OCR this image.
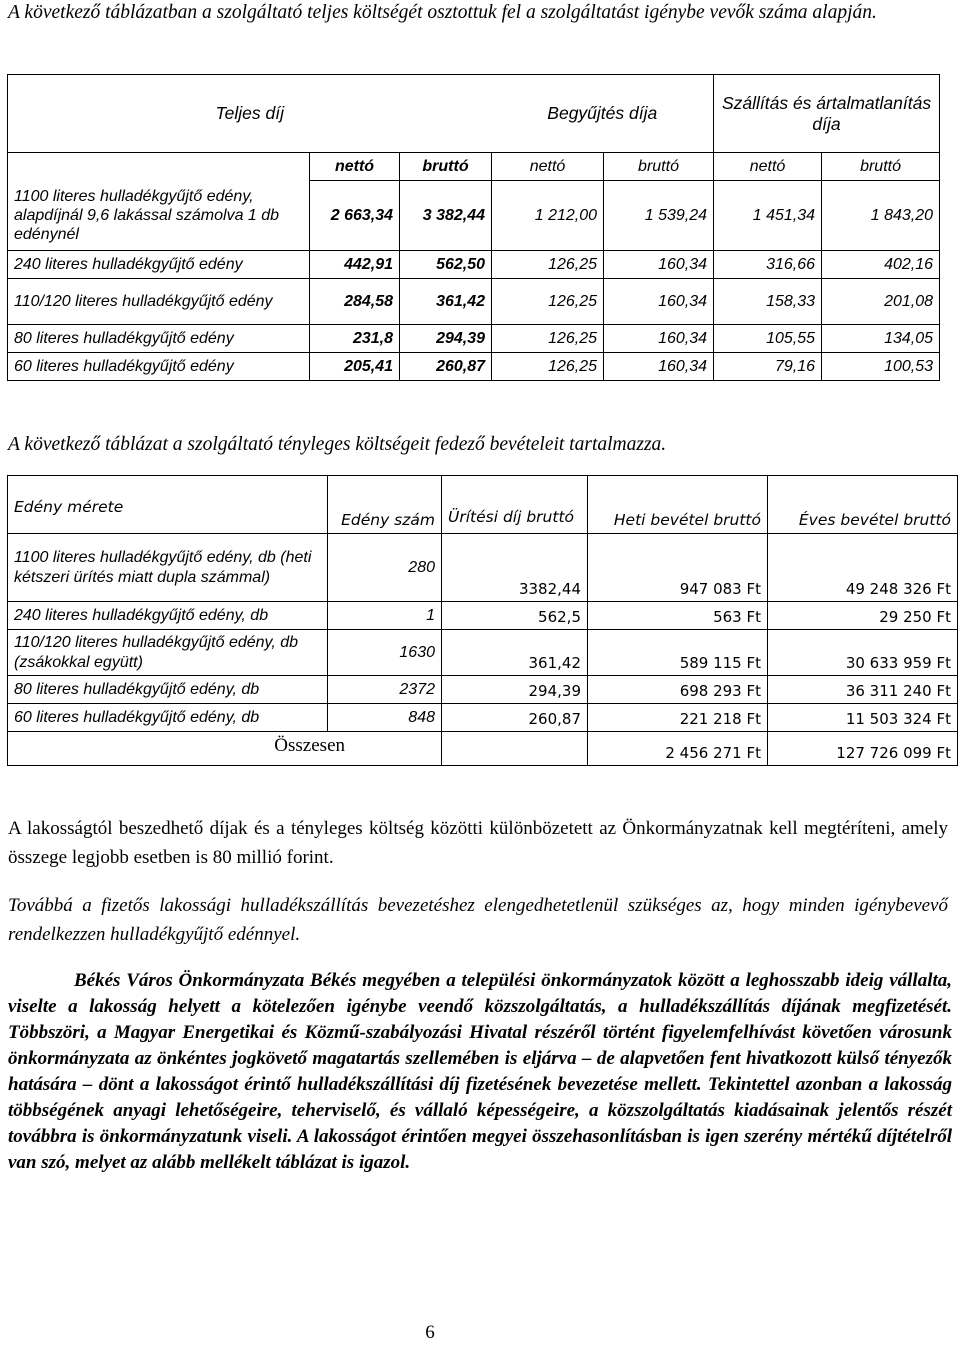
A következő táblázatban a szolgáltató teljes költségét osztottuk fel a szolgáltatást igénybe vevők száma alapján.
Teljes díj			Begyűjtés díja		Szállítás és ártalmatlanítás díja	
	nettó	bruttó	nettó	bruttó	nettó	bruttó
1100 literes hulladékgyűjtő edény, alapdíjnál 9,6 lakással számolva 1 db edénynél	2 663,34	3 382,44	1 212,00	1 539,24	1 451,34	1 843,20
240 literes hulladékgyűjtő edény	442,91	562,50	126,25	160,34	316,66	402,16
110/120 literes hulladékgyűjtő edény	284,58	361,42	126,25	160,34	158,33	201,08
80 literes hulladékgyűjtő edény	231,8	294,39	126,25	160,34	105,55	134,05
60 literes hulladékgyűjtő edény	205,41	260,87	126,25	160,34	79,16	100,53
A következő táblázat a szolgáltató tényleges költségeit fedező bevételeit tartalmazza.
Edény mérete	Edény szám	Ürítési díj bruttó	Heti bevétel bruttó	Éves bevétel bruttó
1100 literes hulladékgyűjtő edény, db (heti kétszeri ürítés miatt dupla számmal)	280	3382,44	947 083 Ft	49 248 326 Ft
240 literes hulladékgyűjtő edény, db	1	562,5	563 Ft	29 250 Ft
110/120 literes hulladékgyűjtő edény, db (zsákokkal együtt)	1630	361,42	589 115 Ft	30 633 959 Ft
80 literes hulladékgyűjtő edény, db	2372	294,39	698 293 Ft	36 311 240 Ft
60 literes hulladékgyűjtő edény, db	848	260,87	221 218 Ft	11 503 324 Ft
Összesen			2 456 271 Ft	127 726 099 Ft
A lakosságtól beszedhető díjak és a tényleges költség közötti különbözetett az Önkormányzatnak kell megtéríteni, amely összege legjobb esetben is 80 millió forint.
Továbbá a fizetős lakossági hulladékszállítás bevezetéshez elengedhetetlenül szükséges az, hogy minden igénybevevő rendelkezzen hulladékgyűjtő edénnyel.
Békés Város Önkormányzata Békés megyében a települési önkormányzatok között a leghosszabb ideig vállalta, viselte a lakosság helyett a kötelezően igénybe veendő közszolgáltatás, a hulladékszállítás díjának megfizetését. Többszöri, a Magyar Energetikai és Közmű-szabályozási Hivatal részéről történt figyelemfelhívást követően városunk önkormányzata az önkéntes jogkövető magatartás szellemében is eljárva – de alapvetően fent hivatkozott külső tényezők hatására – dönt a lakosságot érintő hulladékszállítási díj fizetésének bevezetése mellett. Tekintettel azonban a lakosság többségének anyagi lehetőségeire, teherviselő, és vállaló képességeire, a közszolgáltatás kiadásainak jelentős részét továbbra is önkormányzatunk viseli. A lakosságot érintően megyei összehasonlításban is igen szerény mértékű díjtételről van szó, melyet az alább mellékelt táblázat is igazol.
6
